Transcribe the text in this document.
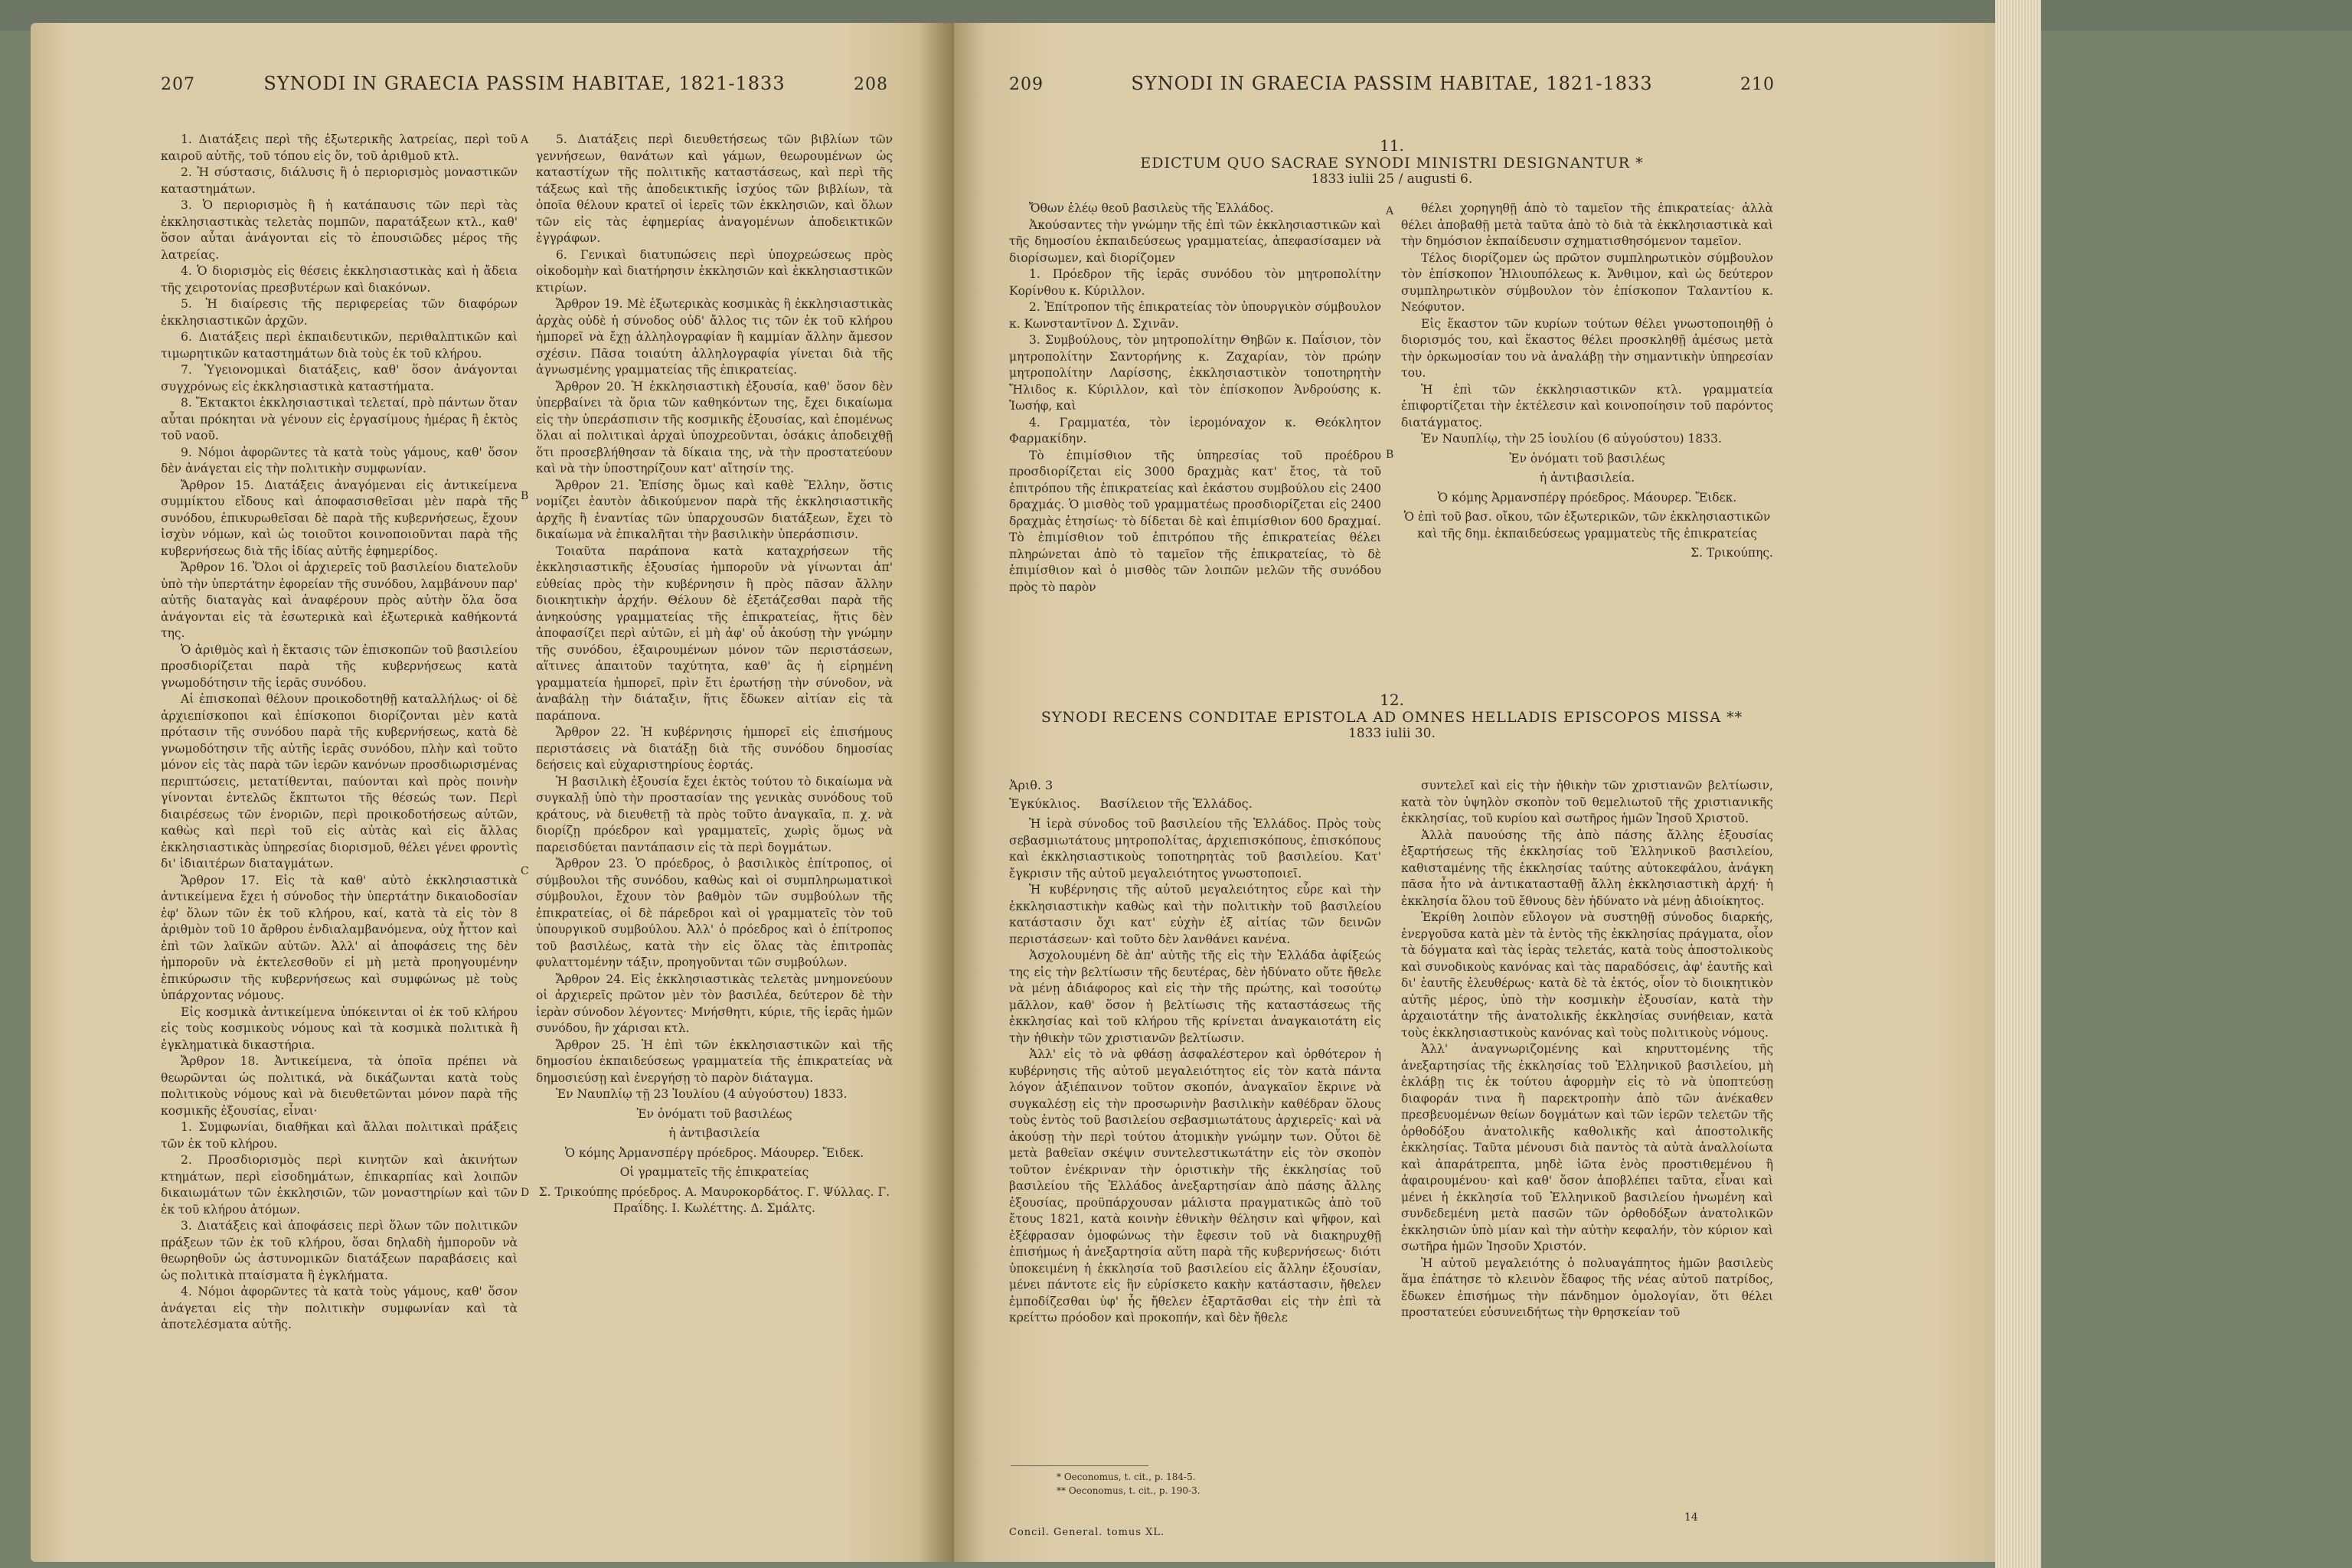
207	SYNODI IN GRAECIA PASSIM HABITAE, 1821-1833	208

1. Διατάξεις περὶ τῆς ἐξωτερικῆς λατρείας, περὶ τοῦ καιροῦ αὐτῆς, τοῦ τόπου εἰς ὅν, τοῦ ἀριθμοῦ κτλ.

2. Ἡ σύστασις, διάλυσις ἢ ὁ περιορισμὸς μοναστικῶν καταστημάτων.

3. Ὁ περιορισμὸς ἢ ἡ κατάπαυσις τῶν περὶ τὰς ἐκκλησιαστικὰς τελετὰς πομπῶν, παρατάξεων κτλ., καθ' ὅσον αὖται ἀνάγονται εἰς τὸ ἐπουσιῶδες μέρος τῆς λατρείας.

4. Ὁ διορισμὸς εἰς θέσεις ἐκκλησιαστικὰς καὶ ἡ ἄδεια τῆς χειροτονίας πρεσβυτέρων καὶ διακόνων.

5. Ἡ διαίρεσις τῆς περιφερείας τῶν διαφόρων ἐκκλησιαστικῶν ἀρχῶν.

6. Διατάξεις περὶ ἐκπαιδευτικῶν, περιθαλπτικῶν καὶ τιμωρητικῶν καταστημάτων διὰ τοὺς ἐκ τοῦ κλήρου.

7. Ὑγειονομικαὶ διατάξεις, καθ' ὅσον ἀνάγονται συγχρόνως εἰς ἐκκλησιαστικὰ καταστήματα.

8. Ἔκτακτοι ἐκκλησιαστικαὶ τελεταί, πρὸ πάντων ὅταν αὗται πρόκηται νὰ γένουν εἰς ἐργασίμους ἡμέρας ἢ ἐκτὸς τοῦ ναοῦ.

9. Νόμοι ἀφορῶντες τὰ κατὰ τοὺς γάμους, καθ' ὅσον δὲν ἀνάγεται εἰς τὴν πολιτικὴν συμφωνίαν.

Ἄρθρον 15. Διατάξεις ἀναγόμεναι εἰς ἀντικείμενα συμμίκτου εἴδους καὶ ἀποφασισθεῖσαι μὲν παρὰ τῆς συνόδου, ἐπικυρωθεῖσαι δὲ παρὰ τῆς κυβερνήσεως, ἔχουν ἰσχὺν νόμων, καὶ ὡς τοιοῦτοι κοινοποιοῦνται παρὰ τῆς κυβερνήσεως διὰ τῆς ἰδίας αὐτῆς ἐφημερίδος.

Ἄρθρον 16. Ὅλοι οἱ ἀρχιερεῖς τοῦ βασιλείου διατελοῦν ὑπὸ τὴν ὑπερτάτην ἐφορείαν τῆς συνόδου, λαμβάνουν παρ' αὐτῆς διαταγὰς καὶ ἀναφέρουν πρὸς αὐτὴν ὅλα ὅσα ἀνάγονται εἰς τὰ ἐσωτερικὰ καὶ ἐξωτερικὰ καθήκοντά της.

Ὁ ἀριθμὸς καὶ ἡ ἔκτασις τῶν ἐπισκοπῶν τοῦ βασιλείου προσδιορίζεται παρὰ τῆς κυβερνήσεως κατὰ γνωμοδότησιν τῆς ἱερᾶς συνόδου.

Αἱ ἐπισκοπαὶ θέλουν προικοδοτηθῇ καταλλήλως· οἱ δὲ ἀρχιεπίσκοποι καὶ ἐπίσκοποι διορίζονται μὲν κατὰ πρότασιν τῆς συνόδου παρὰ τῆς κυβερνήσεως, κατὰ δὲ γνωμοδότησιν τῆς αὐτῆς ἱερᾶς συνόδου, πλὴν καὶ τοῦτο μόνον εἰς τὰς παρὰ τῶν ἱερῶν κανόνων προσδιωρισμένας περιπτώσεις, μετατίθενται, παύονται καὶ πρὸς ποινὴν γίνονται ἐντελῶς ἔκπτωτοι τῆς θέσεώς των. Περὶ διαιρέσεως τῶν ἐνοριῶν, περὶ προικοδοτήσεως αὐτῶν, καθὼς καὶ περὶ τοῦ εἰς αὐτὰς καὶ εἰς ἄλλας ἐκκλησιαστικὰς ὑπηρεσίας διορισμοῦ, θέλει γένει φροντὶς δι' ἰδιαιτέρων διαταγμάτων.

Ἄρθρον 17. Εἰς τὰ καθ' αὐτὸ ἐκκλησιαστικὰ ἀντικείμενα ἔχει ἡ σύνοδος τὴν ὑπερτάτην δικαιοδοσίαν ἐφ' ὅλων τῶν ἐκ τοῦ κλήρου, καί, κατὰ τὰ εἰς τὸν 8 ἀριθμὸν τοῦ 10 ἄρθρου ἐνδιαλαμβανόμενα, οὐχ ἧττον καὶ ἐπὶ τῶν λαϊκῶν αὐτῶν. Ἀλλ' αἱ ἀποφάσεις της δὲν ἠμποροῦν νὰ ἐκτελεσθοῦν εἰ μὴ μετὰ προηγουμένην ἐπικύρωσιν τῆς κυβερνήσεως καὶ συμφώνως μὲ τοὺς ὑπάρχοντας νόμους.

Εἰς κοσμικὰ ἀντικείμενα ὑπόκεινται οἱ ἐκ τοῦ κλήρου εἰς τοὺς κοσμικοὺς νόμους καὶ τὰ κοσμικὰ πολιτικὰ ἢ ἐγκληματικὰ δικαστήρια.

Ἄρθρον 18. Ἀντικείμενα, τὰ ὁποῖα πρέπει νὰ θεωρῶνται ὡς πολιτικά, νὰ δικάζωνται κατὰ τοὺς πολιτικοὺς νόμους καὶ νὰ διευθετῶνται μόνον παρὰ τῆς κοσμικῆς ἐξουσίας, εἶναι·

1. Συμφωνίαι, διαθῆκαι καὶ ἄλλαι πολιτικαὶ πράξεις τῶν ἐκ τοῦ κλήρου.

2. Προσδιορισμὸς περὶ κινητῶν καὶ ἀκινήτων κτημάτων, περὶ εἰσοδημάτων, ἐπικαρπίας καὶ λοιπῶν δικαιωμάτων τῶν ἐκκλησιῶν, τῶν μοναστηρίων καὶ τῶν ἐκ τοῦ κλήρου ἀτόμων.

3. Διατάξεις καὶ ἀποφάσεις περὶ ὅλων τῶν πολιτικῶν πράξεων τῶν ἐκ τοῦ κλήρου, ὅσαι δηλαδὴ ἠμποροῦν νὰ θεωρηθοῦν ὡς ἀστυνομικῶν διατάξεων παραβάσεις καὶ ὡς πολιτικὰ πταίσματα ἢ ἐγκλήματα.

4. Νόμοι ἀφορῶντες τὰ κατὰ τοὺς γάμους, καθ' ὅσον ἀνάγεται εἰς τὴν πολιτικὴν συμφωνίαν καὶ τὰ ἀποτελέσματα αὐτῆς.

5. Διατάξεις περὶ διευθετήσεως τῶν βιβλίων τῶν γεννήσεων, θανάτων καὶ γάμων, θεωρουμένων ὡς καταστίχων τῆς πολιτικῆς καταστάσεως, καὶ περὶ τῆς τάξεως καὶ τῆς ἀποδεικτικῆς ἰσχύος τῶν βιβλίων, τὰ ὁποῖα θέλουν κρατεῖ οἱ ἱερεῖς τῶν ἐκκλησιῶν, καὶ ὅλων τῶν εἰς τὰς ἐφημερίας ἀναγομένων ἀποδεικτικῶν ἐγγράφων.

6. Γενικαὶ διατυπώσεις περὶ ὑποχρεώσεως πρὸς οἰκοδομὴν καὶ διατήρησιν ἐκκλησιῶν καὶ ἐκκλησιαστικῶν κτιρίων.

Ἄρθρον 19. Μὲ ἐξωτερικὰς κοσμικὰς ἢ ἐκκλησιαστικὰς ἀρχὰς οὐδὲ ἡ σύνοδος οὐδ' ἄλλος τις τῶν ἐκ τοῦ κλήρου ἠμπορεῖ νὰ ἔχῃ ἀλληλογραφίαν ἢ καμμίαν ἄλλην ἄμεσον σχέσιν. Πᾶσα τοιαύτη ἀλληλογραφία γίνεται διὰ τῆς ἁγνωσμένης γραμματείας τῆς ἐπικρατείας.

Ἄρθρον 20. Ἡ ἐκκλησιαστικὴ ἐξουσία, καθ' ὅσον δὲν ὑπερβαίνει τὰ ὅρια τῶν καθηκόντων της, ἔχει δικαίωμα εἰς τὴν ὑπεράσπισιν τῆς κοσμικῆς ἐξουσίας, καὶ ἐπομένως ὅλαι αἱ πολιτικαὶ ἀρχαὶ ὑποχρεοῦνται, ὁσάκις ἀποδειχθῇ ὅτι προσεβλήθησαν τὰ δίκαια της, νὰ τὴν προστατεύουν καὶ νὰ τὴν ὑποστηρίζουν κατ' αἴτησίν της.

Ἄρθρον 21. Ἐπίσης ὅμως καὶ καθὲ Ἕλλην, ὅστις νομίζει ἑαυτὸν ἀδικούμενον παρὰ τῆς ἐκκλησιαστικῆς ἀρχῆς ἢ ἐναντίας τῶν ὑπαρχουσῶν διατάξεων, ἔχει τὸ δικαίωμα νὰ ἐπικαλῆται τὴν βασιλικὴν ὑπεράσπισιν.

Τοιαῦτα παράπονα κατὰ καταχρήσεων τῆς ἐκκλησιαστικῆς ἐξουσίας ἠμποροῦν νὰ γίνωνται ἀπ' εὐθείας πρὸς τὴν κυβέρνησιν ἢ πρὸς πᾶσαν ἄλλην διοικητικὴν ἀρχήν. Θέλουν δὲ ἐξετάζεσθαι παρὰ τῆς ἀνηκούσης γραμματείας τῆς ἐπικρατείας, ἥτις δὲν ἀποφασίζει περὶ αὐτῶν, εἰ μὴ ἀφ' οὗ ἀκούσῃ τὴν γνώμην τῆς συνόδου, ἐξαιρουμένων μόνον τῶν περιστάσεων, αἵτινες ἀπαιτοῦν ταχύτητα, καθ' ἃς ἡ εἰρημένη γραμματεία ἠμπορεῖ, πρὶν ἔτι ἐρωτήσῃ τὴν σύνοδον, νὰ ἀναβάλῃ τὴν διάταξιν, ἥτις ἔδωκεν αἰτίαν εἰς τὰ παράπονα.

Ἄρθρον 22. Ἡ κυβέρνησις ἠμπορεῖ εἰς ἐπισήμους περιστάσεις νὰ διατάξῃ διὰ τῆς συνόδου δημοσίας δεήσεις καὶ εὐχαριστηρίους ἑορτάς.

Ἡ βασιλικὴ ἐξουσία ἔχει ἐκτὸς τούτου τὸ δικαίωμα νὰ συγκαλῇ ὑπὸ τὴν προστασίαν της γενικὰς συνόδους τοῦ κράτους, νὰ διευθετῇ τὰ πρὸς τοῦτο ἀναγκαῖα, π. χ. νὰ διορίζῃ πρόεδρον καὶ γραμματεῖς, χωρὶς ὅμως νὰ παρεισδύεται παντάπασιν εἰς τὰ περὶ δογμάτων.

Ἄρθρον 23. Ὁ πρόεδρος, ὁ βασιλικὸς ἐπίτροπος, οἱ σύμβουλοι τῆς συνόδου, καθὼς καὶ οἱ συμπληρωματικοὶ σύμβουλοι, ἔχουν τὸν βαθμὸν τῶν συμβούλων τῆς ἐπικρατείας, οἱ δὲ πάρεδροι καὶ οἱ γραμματεῖς τὸν τοῦ ὑπουργικοῦ συμβούλου. Ἀλλ' ὁ πρόεδρος καὶ ὁ ἐπίτροπος τοῦ βασιλέως, κατὰ τὴν εἰς ὅλας τὰς ἐπιτροπὰς φυλαττομένην τάξιν, προηγοῦνται τῶν συμβούλων.

Ἄρθρον 24. Εἰς ἐκκλησιαστικὰς τελετὰς μνημονεύουν οἱ ἀρχιερεῖς πρῶτον μὲν τὸν βασιλέα, δεύτερον δὲ τὴν ἱερὰν σύνοδον λέγοντες· Μνήσθητι, κύριε, τῆς ἱερᾶς ἡμῶν συνόδου, ἣν χάρισαι κτλ.

Ἄρθρον 25. Ἡ ἐπὶ τῶν ἐκκλησιαστικῶν καὶ τῆς δημοσίου ἐκπαιδεύσεως γραμματεία τῆς ἐπικρατείας νὰ δημοσιεύσῃ καὶ ἐνεργήσῃ τὸ παρὸν διάταγμα.

Ἐν Ναυπλίῳ τῇ 23 Ἰουλίου (4 αὐγούστου) 1833.

Ἐν ὀνόματι τοῦ βασιλέως
ἡ ἀντιβασιλεία
Ὁ κόμης Ἀρμανσπέργ πρόεδρος. Μάουρερ. Ἔιδεκ.
Οἱ γραμματεῖς τῆς ἐπικρατείας
Σ. Τρικούπης πρόεδρος. Α. Μαυροκορδάτος. Γ. Ψύλλας. Γ. Πραΐδης. Ι. Κωλέττης. Δ. Σμάλτς.
A
B
C
D
209	SYNODI IN GRAECIA PASSIM HABITAE, 1821-1833	210
11.
EDICTUM QUO SACRAE SYNODI MINISTRI DESIGNANTUR *
1833 iulii 25 / augusti 6.

Ὄθων ἐλέῳ θεοῦ βασιλεὺς τῆς Ἑλλάδος.

Ἀκούσαντες τὴν γνώμην τῆς ἐπὶ τῶν ἐκκλησιαστικῶν καὶ τῆς δημοσίου ἐκπαιδεύσεως γραμματείας, ἀπεφασίσαμεν νὰ διορίσωμεν, καὶ διορίζομεν

1. Πρόεδρον τῆς ἱερᾶς συνόδου τὸν μητροπολίτην Κορίνθου κ. Κύριλλον.

2. Ἐπίτροπον τῆς ἐπικρατείας τὸν ὑπουργικὸν σύμβουλον κ. Κωνσταντῖνον Δ. Σχινᾶν.

3. Συμβούλους, τὸν μητροπολίτην Θηβῶν κ. Παΐσιον, τὸν μητροπολίτην Σαντορήνης κ. Ζαχαρίαν, τὸν πρώην μητροπολίτην Λαρίσσης, ἐκκλησιαστικὸν τοποτηρητὴν Ἤλιδος κ. Κύριλλον, καὶ τὸν ἐπίσκοπον Ἀνδρούσης κ. Ἰωσήφ, καὶ

4. Γραμματέα, τὸν ἱερομόναχον κ. Θεόκλητον Φαρμακίδην.

Τὸ ἐπιμίσθιον τῆς ὑπηρεσίας τοῦ προέδρου προσδιορίζεται εἰς 3000 δραχμὰς κατ' ἔτος, τὰ τοῦ ἐπιτρόπου τῆς ἐπικρατείας καὶ ἑκάστου συμβούλου εἰς 2400 δραχμάς. Ὁ μισθὸς τοῦ γραμματέως προσδιορίζεται εἰς 2400 δραχμὰς ἐτησίως· τὸ δίδεται δὲ καὶ ἐπιμίσθιον 600 δραχμαί. Τὸ ἐπιμίσθιον τοῦ ἐπιτρόπου τῆς ἐπικρατείας θέλει πληρώνεται ἀπὸ τὸ ταμεῖον τῆς ἐπικρατείας, τὸ δὲ ἐπιμίσθιον καὶ ὁ μισθὸς τῶν λοιπῶν μελῶν τῆς συνόδου πρὸς τὸ παρὸν

θέλει χορηγηθῇ ἀπὸ τὸ ταμεῖον τῆς ἐπικρατείας· ἀλλὰ θέλει ἀποβαθῇ μετὰ ταῦτα ἀπὸ τὸ διὰ τὰ ἐκκλησιαστικὰ καὶ τὴν δημόσιον ἐκπαίδευσιν σχηματισθησόμενον ταμεῖον.

Τέλος διορίζομεν ὡς πρῶτον συμπληρωτικὸν σύμβουλον τὸν ἐπίσκοπον Ἡλιουπόλεως κ. Ἄνθιμον, καὶ ὡς δεύτερον συμπληρωτικὸν σύμβουλον τὸν ἐπίσκοπον Ταλαντίου κ. Νεόφυτον.

Εἰς ἕκαστον τῶν κυρίων τούτων θέλει γνωστοποιηθῇ ὁ διορισμός του, καὶ ἕκαστος θέλει προσκληθῇ ἀμέσως μετὰ τὴν ὁρκωμοσίαν του νὰ ἀναλάβῃ τὴν σημαντικὴν ὑπηρεσίαν του.

Ἡ ἐπὶ τῶν ἐκκλησιαστικῶν κτλ. γραμματεία ἐπιφορτίζεται τὴν ἐκτέλεσιν καὶ κοινοποίησιν τοῦ παρόντος διατάγματος.

Ἐν Ναυπλίῳ, τὴν 25 ἰουλίου (6 αὐγούστου) 1833.

Ἐν ὀνόματι τοῦ βασιλέως
ἡ ἀντιβασιλεία.
Ὁ κόμης Ἀρμανσπέργ πρόεδρος. Μάουρερ. Ἔιδεκ.
Ὁ ἐπὶ τοῦ βασ. οἴκου, τῶν ἐξωτερικῶν, τῶν ἐκκλησιαστικῶν καὶ τῆς δημ. ἐκπαιδεύσεως γραμματεὺς τῆς ἐπικρατείας
Σ. Τρικούπης.
A
B
12.
SYNODI RECENS CONDITAE EPISTOLA AD OMNES HELLADIS EPISCOPOS MISSA **
1833 iulii 30.
Ἀριθ. 3
Ἐγκύκλιος.     Βασίλειον τῆς Ἑλλάδος.

Ἡ ἱερὰ σύνοδος τοῦ βασιλείου τῆς Ἑλλάδος. Πρὸς τοὺς σεβασμιωτάτους μητροπολίτας, ἀρχιεπισκόπους, ἐπισκόπους καὶ ἐκκλησιαστικοὺς τοποτηρητὰς τοῦ βασιλείου. Κατ' ἔγκρισιν τῆς αὐτοῦ μεγαλειότητος γνωστοποιεῖ.

Ἡ κυβέρνησις τῆς αὐτοῦ μεγαλειότητος εὗρε καὶ τὴν ἐκκλησιαστικὴν καθὼς καὶ τὴν πολιτικὴν τοῦ βασιλείου κατάστασιν ὄχι κατ' εὐχὴν ἐξ αἰτίας τῶν δεινῶν περιστάσεων· καὶ τοῦτο δὲν λανθάνει κανένα.

Ἀσχολουμένη δὲ ἀπ' αὐτῆς τῆς εἰς τὴν Ἑλλάδα ἀφίξεώς της εἰς τὴν βελτίωσιν τῆς δευτέρας, δὲν ἠδύνατο οὔτε ἤθελε νὰ μένῃ ἀδιάφορος καὶ εἰς τὴν τῆς πρώτης, καὶ τοσούτῳ μᾶλλον, καθ' ὅσον ἡ βελτίωσις τῆς καταστάσεως τῆς ἐκκλησίας καὶ τοῦ κλήρου τῆς κρίνεται ἀναγκαιοτάτη εἰς τὴν ἠθικὴν τῶν χριστιανῶν βελτίωσιν.

Ἀλλ' εἰς τὸ νὰ φθάσῃ ἀσφαλέστερον καὶ ὀρθότερον ἡ κυβέρνησις τῆς αὐτοῦ μεγαλειότητος εἰς τὸν κατὰ πάντα λόγον ἀξιέπαινον τοῦτον σκοπόν, ἀναγκαῖον ἔκρινε νὰ συγκαλέσῃ εἰς τὴν προσωρινὴν βασιλικὴν καθέδραν ὅλους τοὺς ἐντὸς τοῦ βασιλείου σεβασμιωτάτους ἀρχιερεῖς· καὶ νὰ ἀκούσῃ τὴν περὶ τούτου ἀτομικὴν γνώμην των. Οὗτοι δὲ μετὰ βαθεῖαν σκέψιν συντελεστικωτάτην εἰς τὸν σκοπὸν τοῦτον ἐνέκριναν τὴν ὁριστικὴν τῆς ἐκκλησίας τοῦ βασιλείου τῆς Ἑλλάδος ἀνεξαρτησίαν ἀπὸ πάσης ἄλλης ἐξουσίας, προϋπάρχουσαν μάλιστα πραγματικῶς ἀπὸ τοῦ ἔτους 1821, κατὰ κοινὴν ἐθνικὴν θέλησιν καὶ ψῆφον, καὶ ἐξέφρασαν ὁμοφώνως τὴν ἔφεσιν τοῦ νὰ διακηρυχθῇ ἐπισήμως ἡ ἀνεξαρτησία αὕτη παρὰ τῆς κυβερνήσεως· διότι ὑποκειμένη ἡ ἐκκλησία τοῦ βασιλείου εἰς ἄλλην ἐξουσίαν, μένει πάντοτε εἰς ἣν εὑρίσκετο κακὴν κατάστασιν, ἤθελεν ἐμποδίζεσθαι ὑφ' ἧς ἤθελεν ἐξαρτᾶσθαι εἰς τὴν ἐπὶ τὰ κρείττω πρόοδον καὶ προκοπήν, καὶ δὲν ἤθελε

συντελεῖ καὶ εἰς τὴν ἠθικὴν τῶν χριστιανῶν βελτίωσιν, κατὰ τὸν ὑψηλὸν σκοπὸν τοῦ θεμελιωτοῦ τῆς χριστιανικῆς ἐκκλησίας, τοῦ κυρίου καὶ σωτῆρος ἡμῶν Ἰησοῦ Χριστοῦ.

Ἀλλὰ παυούσης τῆς ἀπὸ πάσης ἄλλης ἐξουσίας ἐξαρτήσεως τῆς ἐκκλησίας τοῦ Ἑλληνικοῦ βασιλείου, καθισταμένης τῆς ἐκκλησίας ταύτης αὐτοκεφάλου, ἀνάγκη πᾶσα ἦτο νὰ ἀντικατασταθῇ ἄλλη ἐκκλησιαστικὴ ἀρχή· ἡ ἐκκλησία ὅλου τοῦ ἔθνους δὲν ἠδύνατο νὰ μένῃ ἀδιοίκητος.

Ἐκρίθη λοιπὸν εὔλογον νὰ συστηθῇ σύνοδος διαρκής, ἐνεργοῦσα κατὰ μὲν τὰ ἐντὸς τῆς ἐκκλησίας πράγματα, οἷον τὰ δόγματα καὶ τὰς ἱερὰς τελετάς, κατὰ τοὺς ἀποστολικοὺς καὶ συνοδικοὺς κανόνας καὶ τὰς παραδόσεις, ἀφ' ἑαυτῆς καὶ δι' ἑαυτῆς ἐλευθέρως· κατὰ δὲ τὰ ἐκτός, οἷον τὸ διοικητικὸν αὐτῆς μέρος, ὑπὸ τὴν κοσμικὴν ἐξουσίαν, κατὰ τὴν ἀρχαιοτάτην τῆς ἀνατολικῆς ἐκκλησίας συνήθειαν, κατὰ τοὺς ἐκκλησιαστικοὺς κανόνας καὶ τοὺς πολιτικοὺς νόμους.

Ἀλλ' ἀναγνωριζομένης καὶ κηρυττομένης τῆς ἀνεξαρτησίας τῆς ἐκκλησίας τοῦ Ἑλληνικοῦ βασιλείου, μὴ ἐκλάβῃ τις ἐκ τούτου ἀφορμὴν εἰς τὸ νὰ ὑποπτεύσῃ διαφοράν τινα ἢ παρεκτροπὴν ἀπὸ τῶν ἀνέκαθεν πρεσβευομένων θείων δογμάτων καὶ τῶν ἱερῶν τελετῶν τῆς ὀρθοδόξου ἀνατολικῆς καθολικῆς καὶ ἀποστολικῆς ἐκκλησίας. Ταῦτα μένουσι διὰ παντὸς τὰ αὐτὰ ἀναλλοίωτα καὶ ἀπαράτρεπτα, μηδὲ ἰῶτα ἑνὸς προστιθεμένου ἢ ἀφαιρουμένου· καὶ καθ' ὅσον ἀποβλέπει ταῦτα, εἶναι καὶ μένει ἡ ἐκκλησία τοῦ Ἑλληνικοῦ βασιλείου ἡνωμένη καὶ συνδεδεμένη μετὰ πασῶν τῶν ὀρθοδόξων ἀνατολικῶν ἐκκλησιῶν ὑπὸ μίαν καὶ τὴν αὐτὴν κεφαλήν, τὸν κύριον καὶ σωτῆρα ἡμῶν Ἰησοῦν Χριστόν.

Ἡ αὐτοῦ μεγαλειότης ὁ πολυαγάπητος ἡμῶν βασιλεὺς ἅμα ἐπάτησε τὸ κλεινὸν ἔδαφος τῆς νέας αὐτοῦ πατρίδος, ἔδωκεν ἐπισήμως τὴν πάνδημον ὁμολογίαν, ὅτι θέλει προστατεύει εὐσυνειδήτως τὴν θρησκείαν τοῦ

* Oeconomus, t. cit., p. 184-5.
** Oeconomus, t. cit., p. 190-3.
Concil. General. tomus XL.
14
